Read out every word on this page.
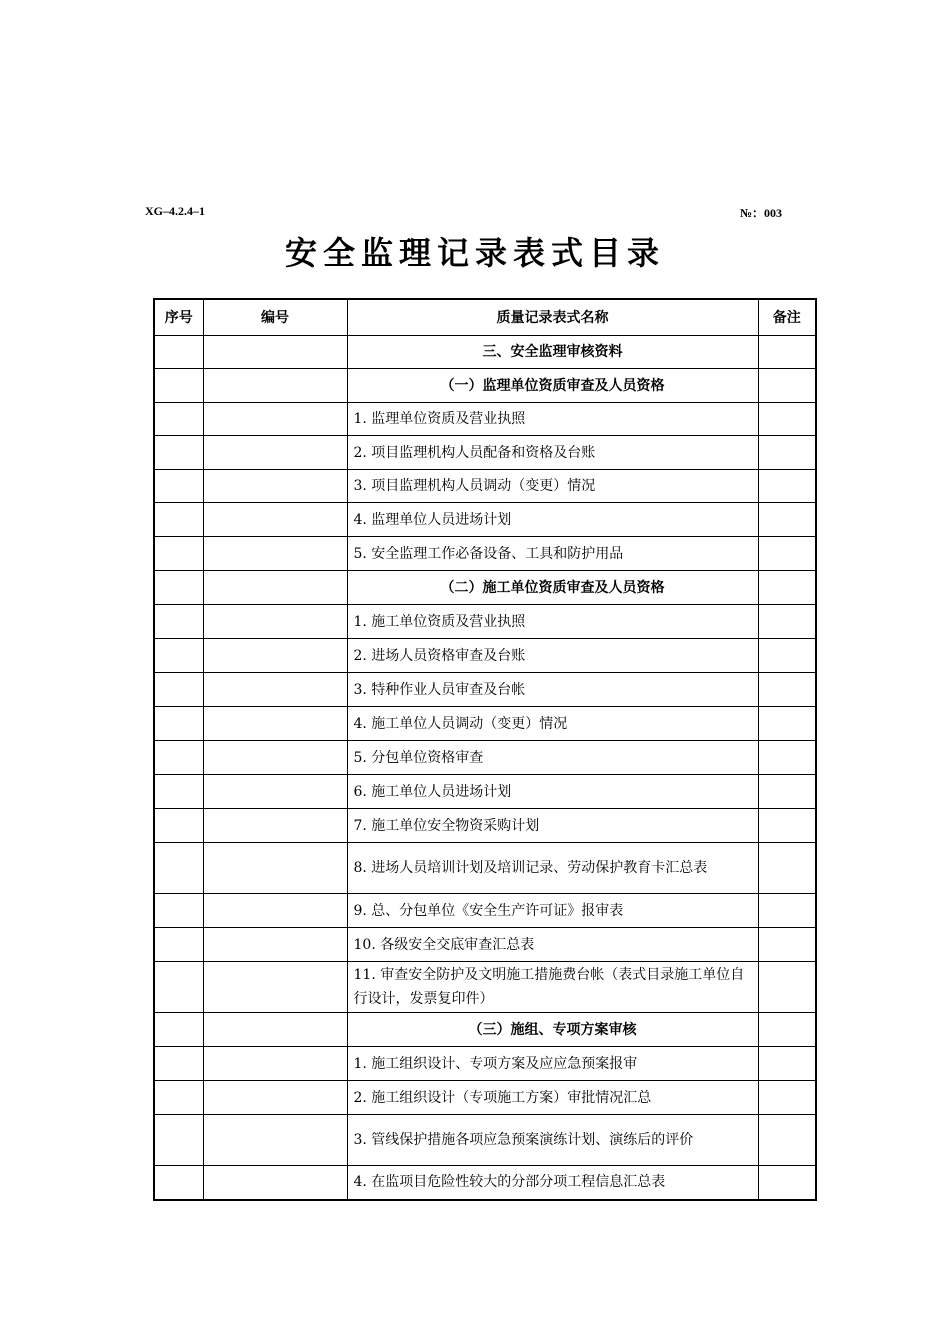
XG–4.2.4–1	№：003
安全监理记录表式目录
序号	编号	质量记录表式名称	备注
		三、安全监理审核资料	
		（一）监理单位资质审查及人员资格	
		1. 监理单位资质及营业执照	
		2. 项目监理机构人员配备和资格及台账	
		3. 项目监理机构人员调动（变更）情况	
		4. 监理单位人员进场计划	
		5. 安全监理工作必备设备、工具和防护用品	
		（二）施工单位资质审查及人员资格	
		1. 施工单位资质及营业执照	
		2. 进场人员资格审查及台账	
		3. 特种作业人员审查及台帐	
		4. 施工单位人员调动（变更）情况	
		5. 分包单位资格审查	
		6. 施工单位人员进场计划	
		7. 施工单位安全物资采购计划	
		8. 进场人员培训计划及培训记录、劳动保护教育卡汇总表	
		9. 总、分包单位《安全生产许可证》报审表	
		10. 各级安全交底审查汇总表	
		11. 审查安全防护及文明施工措施费台帐（表式目录施工单位自行设计，发票复印件）	
		（三）施组、专项方案审核	
		1. 施工组织设计、专项方案及应应急预案报审	
		2. 施工组织设计（专项施工方案）审批情况汇总	
		3. 管线保护措施各项应急预案演练计划、演练后的评价	
		4. 在监项目危险性较大的分部分项工程信息汇总表	
